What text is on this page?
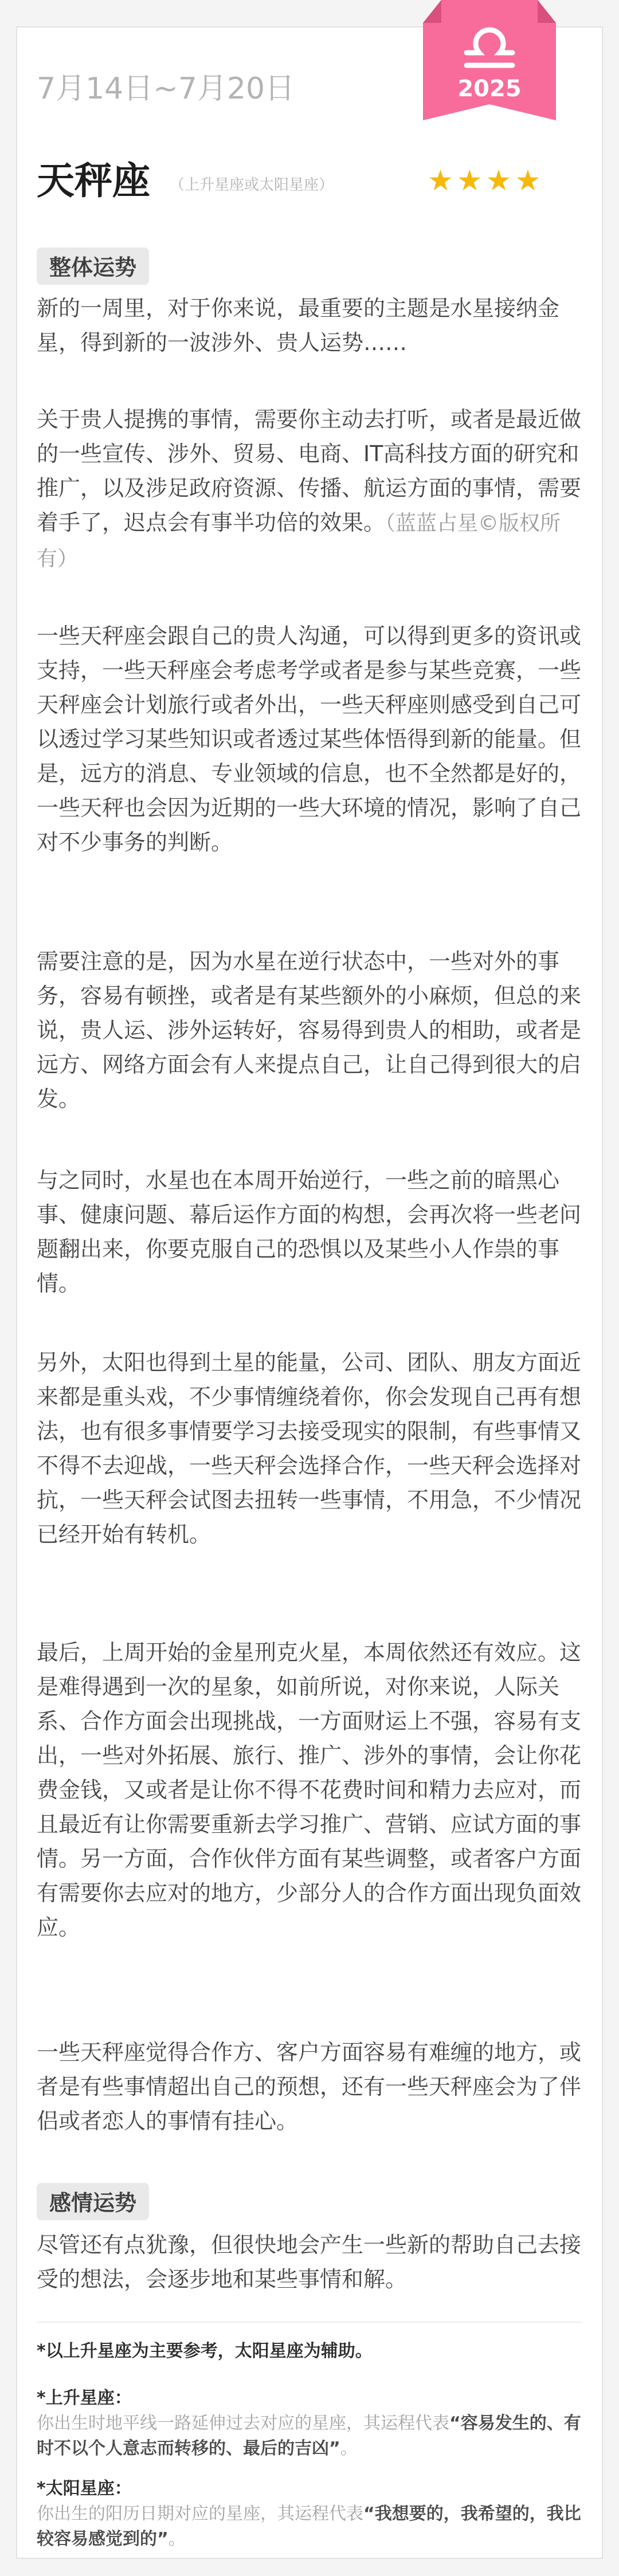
2025
7月14日~7月20日
天秤座 （上升星座或太阳星座）	★★★★
整体运势

新的一周里，对于你来说，最重要的主题是水星接纳金星，得到新的一波涉外、贵人运势……

关于贵人提携的事情，需要你主动去打听，或者是最近做的一些宣传、涉外、贸易、电商、IT高科技方面的研究和推广，以及涉足政府资源、传播、航运方面的事情，需要着手了，迟点会有事半功倍的效果。（蓝蓝占星©版权所有）

一些天秤座会跟自己的贵人沟通，可以得到更多的资讯或支持，一些天秤座会考虑考学或者是参与某些竞赛，一些天秤座会计划旅行或者外出，一些天秤座则感受到自己可以透过学习某些知识或者透过某些体悟得到新的能量。但是，远方的消息、专业领域的信息，也不全然都是好的，一些天秤也会因为近期的一些大环境的情况，影响了自己对不少事务的判断。

需要注意的是，因为水星在逆行状态中，一些对外的事务，容易有顿挫，或者是有某些额外的小麻烦，但总的来说，贵人运、涉外运转好，容易得到贵人的相助，或者是远方、网络方面会有人来提点自己，让自己得到很大的启发。

与之同时，水星也在本周开始逆行，一些之前的暗黑心事、健康问题、幕后运作方面的构想，会再次将一些老问题翻出来，你要克服自己的恐惧以及某些小人作祟的事情。

另外，太阳也得到土星的能量，公司、团队、朋友方面近来都是重头戏，不少事情缠绕着你，你会发现自己再有想法，也有很多事情要学习去接受现实的限制，有些事情又不得不去迎战，一些天秤会选择合作，一些天秤会选择对抗，一些天秤会试图去扭转一些事情，不用急，不少情况已经开始有转机。

最后，上周开始的金星刑克火星，本周依然还有效应。这是难得遇到一次的星象，如前所说，对你来说，人际关系、合作方面会出现挑战，一方面财运上不强，容易有支出，一些对外拓展、旅行、推广、涉外的事情，会让你花费金钱，又或者是让你不得不花费时间和精力去应对，而且最近有让你需要重新去学习推广、营销、应试方面的事情。另一方面，合作伙伴方面有某些调整，或者客户方面有需要你去应对的地方，少部分人的合作方面出现负面效应。

一些天秤座觉得合作方、客户方面容易有难缠的地方，或者是有些事情超出自己的预想，还有一些天秤座会为了伴侣或者恋人的事情有挂心。

感情运势

尽管还有点犹豫，但很快地会产生一些新的帮助自己去接受的想法，会逐步地和某些事情和解。

*以上升星座为主要参考，太阳星座为辅助。

*上升星座：

你出生时地平线一路延伸过去对应的星座，其运程代表“容易发生的、有时不以个人意志而转移的、最后的吉凶”。

*太阳星座：

你出生的阳历日期对应的星座，其运程代表“我想要的，我希望的，我比较容易感觉到的”。
